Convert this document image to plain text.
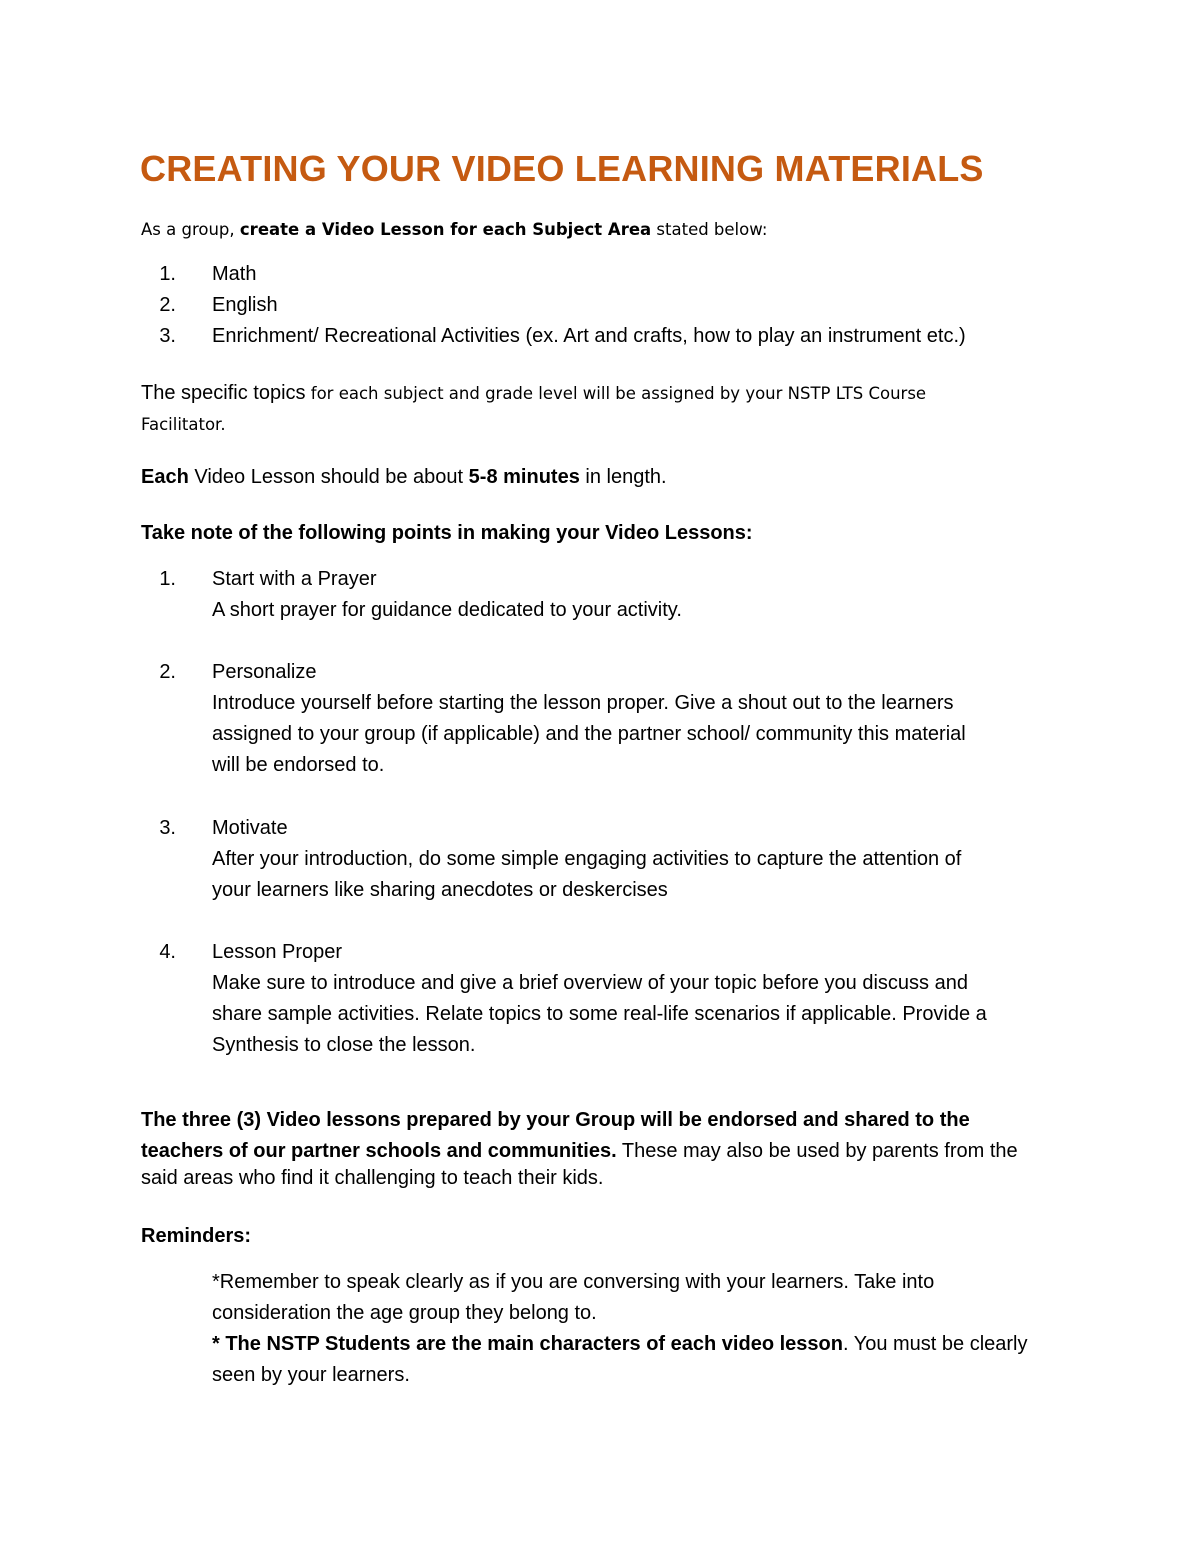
CREATING YOUR VIDEO LEARNING MATERIALS
As a group, create a Video Lesson for each Subject Area stated below:
1. Math
2. English
3. Enrichment/ Recreational Activities (ex. Art and crafts, how to play an instrument etc.)
The specific topics for each subject and grade level will be assigned by your NSTP LTS Course
Facilitator.
Each Video Lesson should be about 5-8 minutes in length.
Take note of the following points in making your Video Lessons:
1. Start with a Prayer
A short prayer for guidance dedicated to your activity.
2. Personalize
Introduce yourself before starting the lesson proper. Give a shout out to the learners
assigned to your group (if applicable) and the partner school/ community this material
will be endorsed to.
3. Motivate
After your introduction, do some simple engaging activities to capture the attention of
your learners like sharing anecdotes or deskercises
4. Lesson Proper
Make sure to introduce and give a brief overview of your topic before you discuss and
share sample activities. Relate topics to some real-life scenarios if applicable. Provide a
Synthesis to close the lesson.
The three (3) Video lessons prepared by your Group will be endorsed and shared to the
teachers of our partner schools and communities. These may also be used by parents from the
said areas who find it challenging to teach their kids.
Reminders:
*Remember to speak clearly as if you are conversing with your learners. Take into
consideration the age group they belong to.
* The NSTP Students are the main characters of each video lesson. You must be clearly
seen by your learners.
